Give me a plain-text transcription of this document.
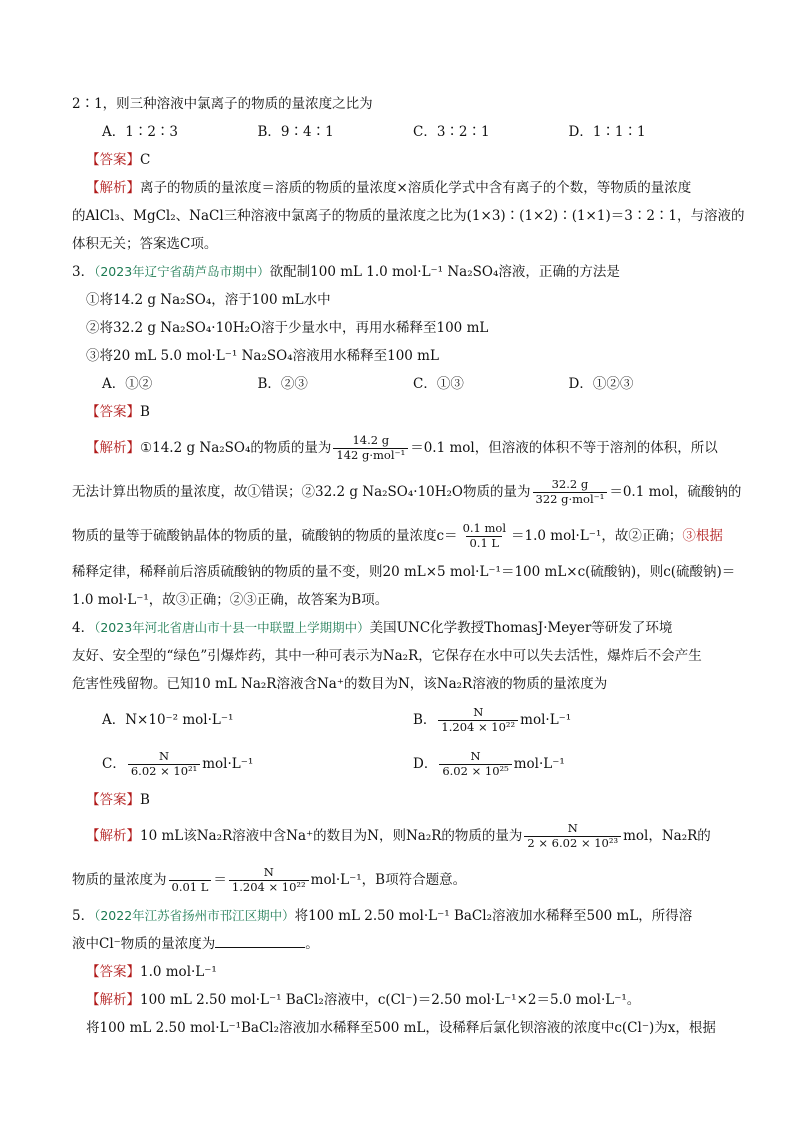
2∶1，则三种溶液中氯离子的物质的量浓度之比为
A．1∶2∶3	B．9∶4∶1	C．3∶2∶1	D．1∶1∶1
【答案】C
【解析】离子的物质的量浓度＝溶质的物质的量浓度×溶质化学式中含有离子的个数，等物质的量浓度
的AlCl₃、MgCl₂、NaCl三种溶液中氯离子的物质的量浓度之比为(1×3)∶(1×2)∶(1×1)＝3∶2∶1，与溶液的
体积无关；答案选C项。
3．（2023年辽宁省葫芦岛市期中）欲配制100 mL 1.0 mol·L⁻¹ Na₂SO₄溶液，正确的方法是
①将14.2 g Na₂SO₄，溶于100 mL水中
②将32.2 g Na₂SO₄·10H₂O溶于少量水中，再用水稀释至100 mL
③将20 mL 5.0 mol·L⁻¹ Na₂SO₄溶液用水稀释至100 mL
A．①②	B．②③	C．①③	D．①②③
【答案】B
【解析】 ①14.2 g Na₂SO₄的物质的量为 $\frac{14.2 g}{\text{142 g·mol⁻¹}} =0.1$ mol，但溶液的体积不等于溶剂的体积，所以
无法计算出物质的量浓度，故①错误；②32.2 g Na₂SO₄·10H₂O物质的量为 $\frac{32.2 g}{\text{322 g·mol⁻¹}} =0.1$ mol，硫酸钠的
物质的量等于硫酸钠晶体的物质的量，硫酸钠的物质的量浓度$c= \frac{\text{0.1 mol}}{0.1 L} =1.0$ mol·L⁻¹，故②正确； ③根据
稀释定律，稀释前后溶质硫酸钠的物质的量不变，则20 mL×5 mol·L⁻¹＝100 mL×c(硫酸钠)，则c(硫酸钠)＝
1.0 mol·L⁻¹，故③正确；②③正确，故答案为B项。
4．（2023年河北省唐山市十县一中联盟上学期期中）美国UNC化学教授ThomasJ·Meyer等研发了环境
友好、安全型的“绿色”引爆炸药，其中一种可表示为Na₂R，它保存在水中可以失去活性，爆炸后不会产生
危害性残留物。已知10 mL Na₂R溶液含Na⁺的数目为N，该Na₂R溶液的物质的量浓度为
A．N×10⁻² mol·L⁻¹	B． $\frac{N}{\text{1.204 × 10²²}} mol\cdot L^{-1}$
C． $\frac{N}{\text{6.02 × 10²¹}} mol\cdot L^{-1}$	D． $\frac{N}{\text{6.02 × 10²⁵}} mol\cdot L^{-1}$
【答案】B
【解析】 10 mL该Na₂R溶液中含Na⁺的数目为N，则Na₂R的物质的量为 $\frac{N}{\text{2 × 6.02 × 10²³}}$ mol，Na₂R的
物质的量浓度为
0.01 $L = \frac{N}{\text{1.204 × 10²²}} mol\cdot L^{-1}$，B项符合题意。
5．（2022年江苏省扬州市邗江区期中）将100 mL 2.50 mol·L⁻¹ BaCl₂溶液加水稀释至500 mL，所得溶
液中Cl⁻物质的量浓度为	。
【答案】1.0 mol·L⁻¹
【解析】100 mL 2.50 mol·L⁻¹ BaCl₂溶液中，c(Cl⁻)＝2.50 mol·L⁻¹×2＝5.0 mol·L⁻¹。
将100 mL 2.50 mol·L⁻¹BaCl₂溶液加水稀释至500 mL，设稀释后氯化钡溶液的浓度中c(Cl⁻)为x，根据
